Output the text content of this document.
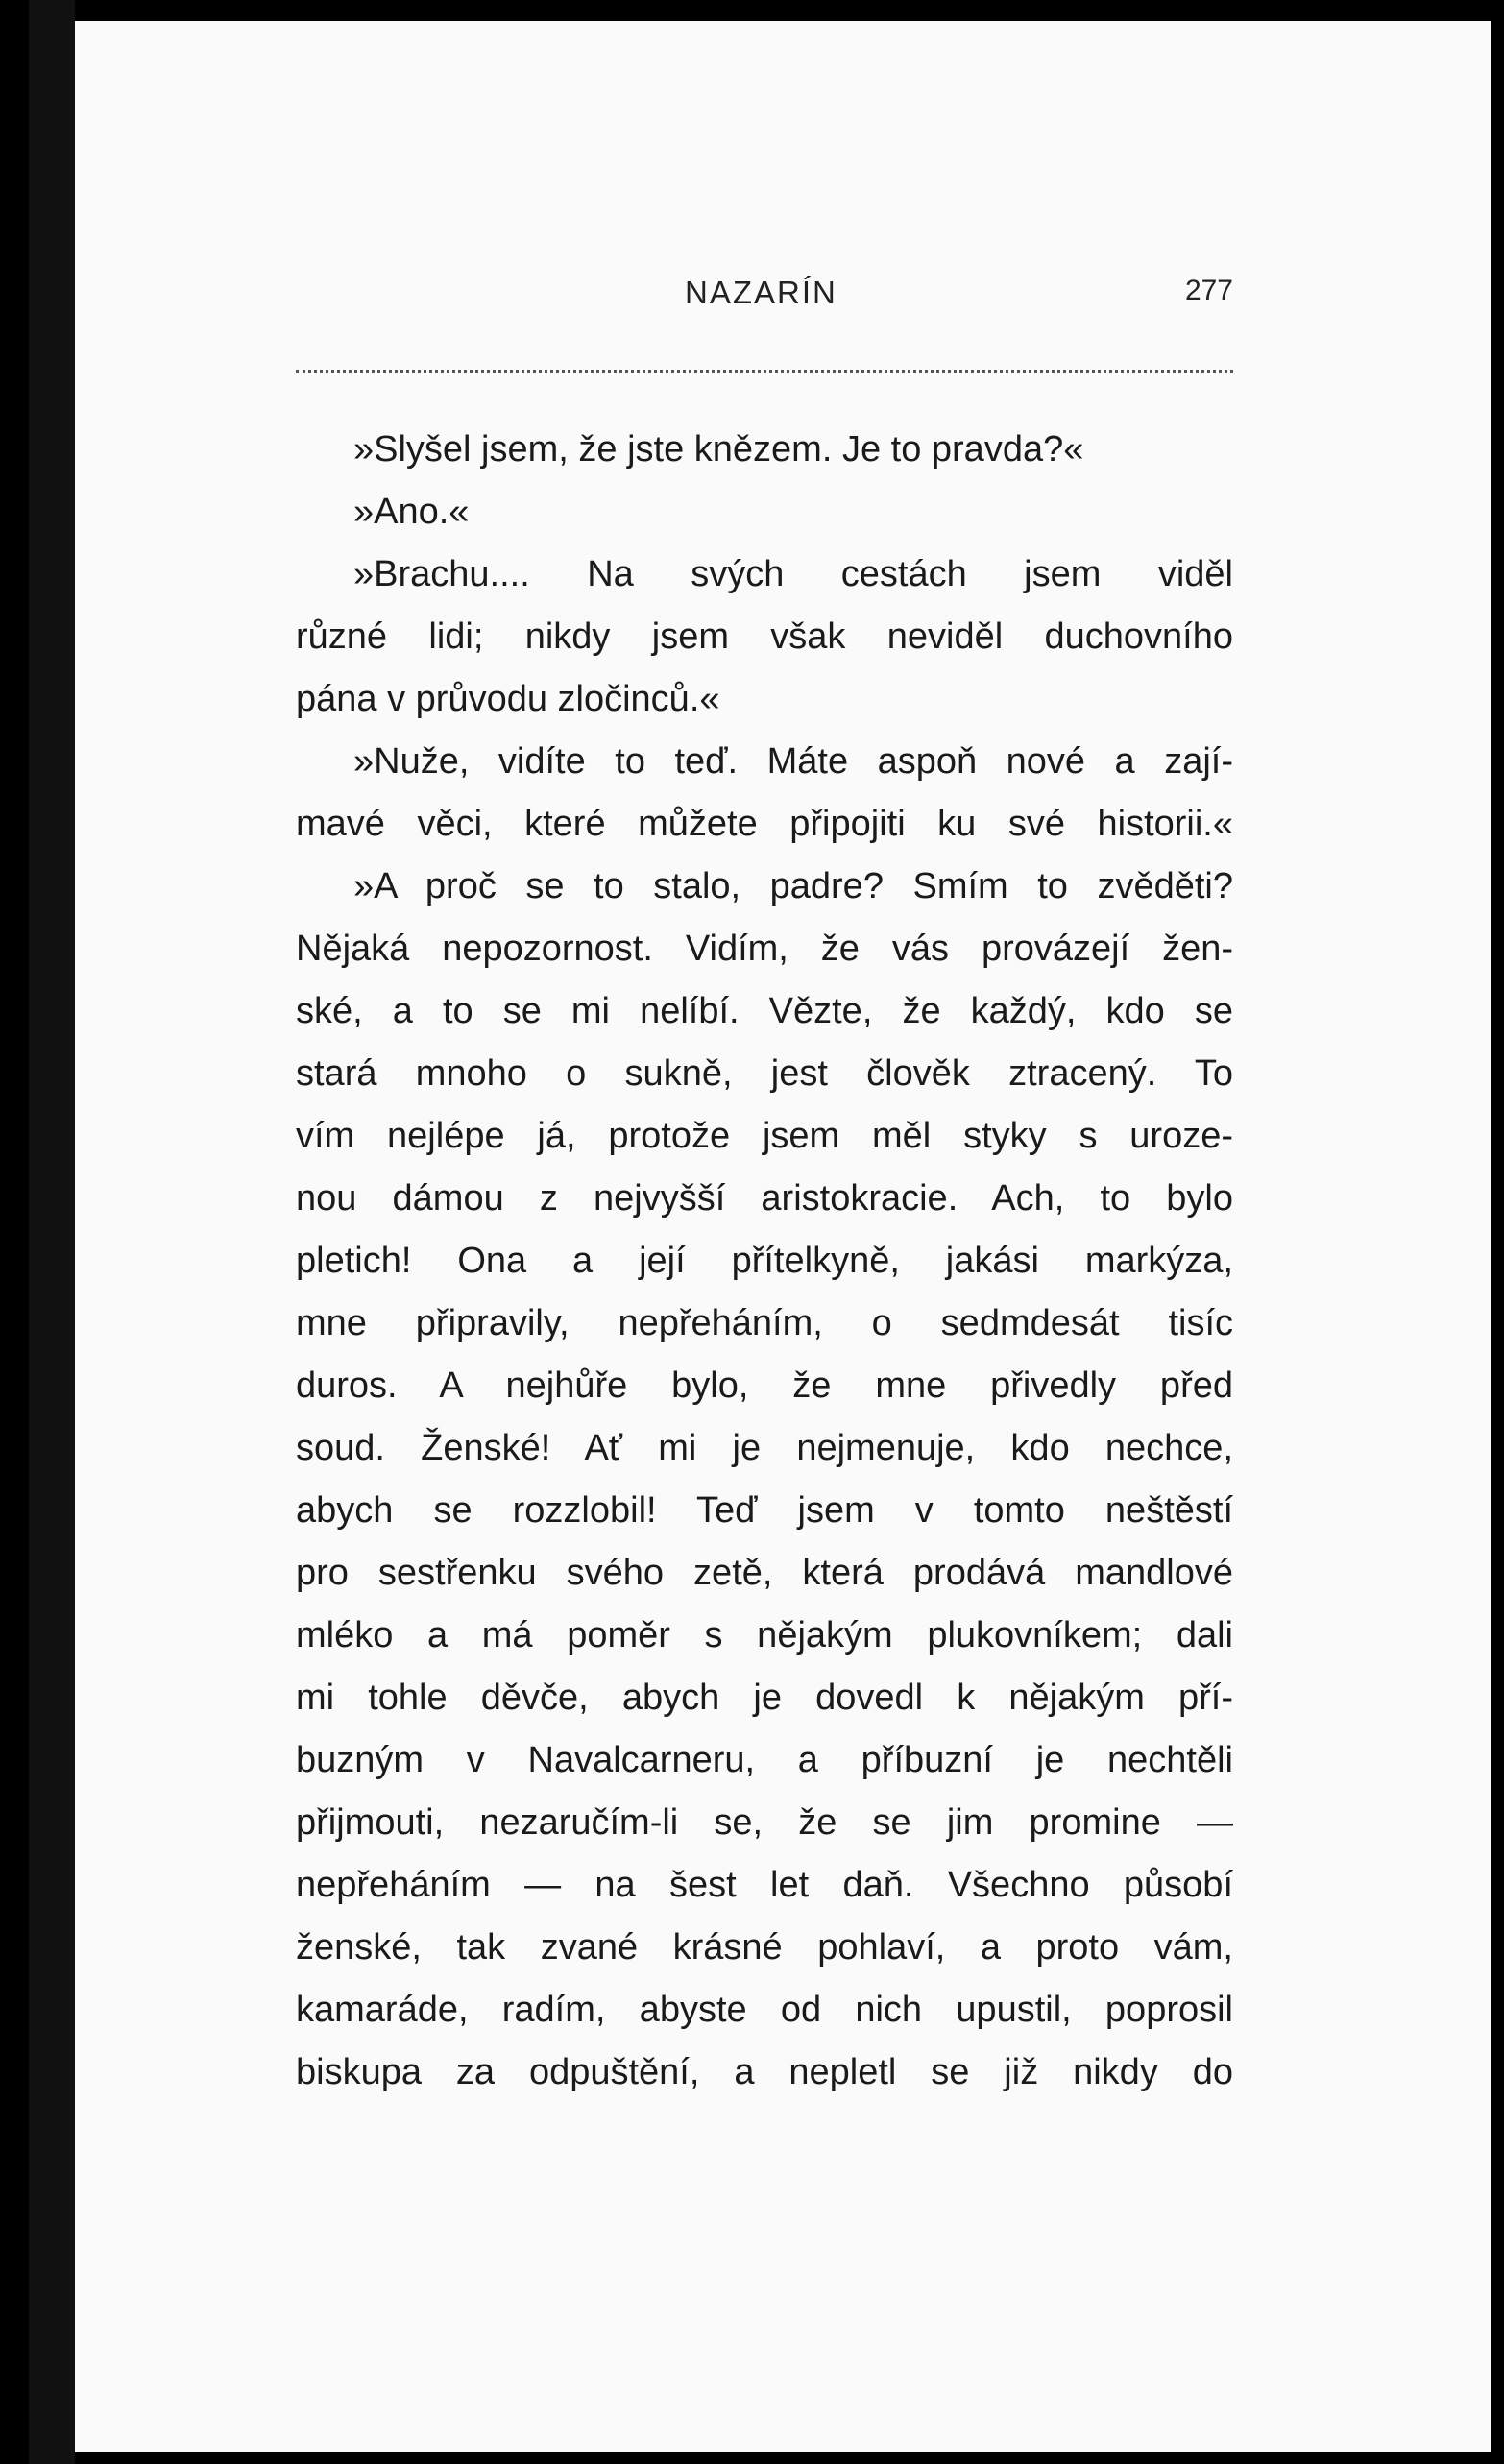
NAZARÍN	277
»Slyšel jsem, že jste knězem. Je to pravda?«
»Ano.«
»Brachu.... Na svých cestách jsem viděl
různé lidi; nikdy jsem však neviděl duchovního
pána v průvodu zločinců.«
»Nuže, vidíte to teď. Máte aspoň nové a zají-
mavé věci, které můžete připojiti ku své historii.«
»A proč se to stalo, padre? Smím to zvěděti?
Nějaká nepozornost. Vidím, že vás provázejí žen-
ské, a to se mi nelíbí. Vězte, že každý, kdo se
stará mnoho o sukně, jest člověk ztracený. To
vím nejlépe já, protože jsem měl styky s uroze-
nou dámou z nejvyšší aristokracie. Ach, to bylo
pletich! Ona a její přítelkyně, jakási markýza,
mne připravily, nepřeháním, o sedmdesát tisíc
duros. A nejhůře bylo, že mne přivedly před
soud. Ženské! Ať mi je nejmenuje, kdo nechce,
abych se rozzlobil! Teď jsem v tomto neštěstí
pro sestřenku svého zetě, která prodává mandlové
mléko a má poměr s nějakým plukovníkem; dali
mi tohle děvče, abych je dovedl k nějakým pří-
buzným v Navalcarneru, a příbuzní je nechtěli
přijmouti, nezaručím-li se, že se jim promine —
nepřeháním — na šest let daň. Všechno působí
ženské, tak zvané krásné pohlaví, a proto vám,
kamaráde, radím, abyste od nich upustil, poprosil
biskupa za odpuštění, a nepletl se již nikdy do
